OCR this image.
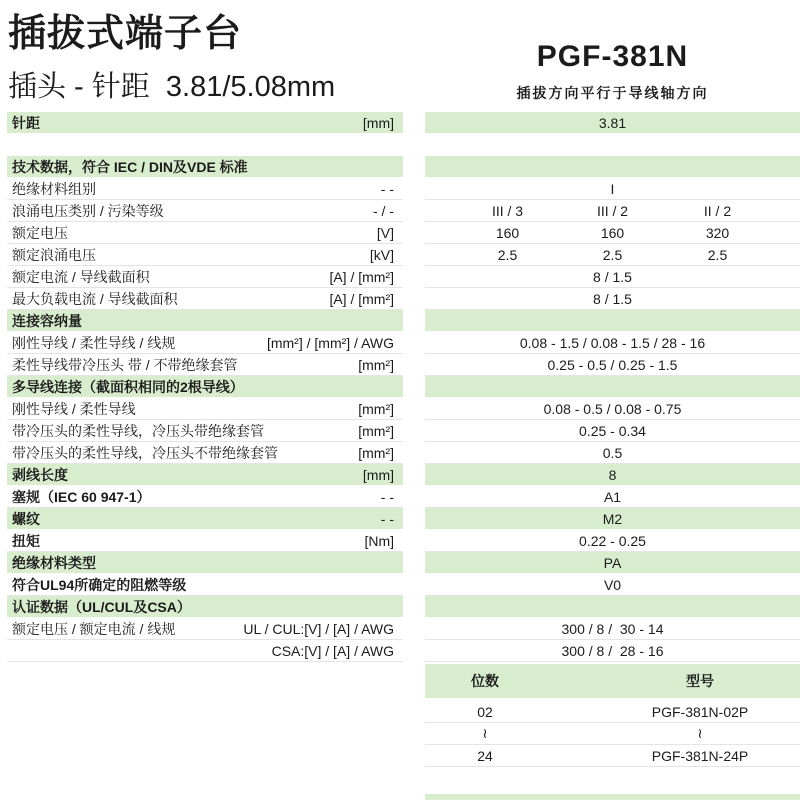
插拔式端子台
插头 - 针距  3.81/5.08mm
PGF-381N
插拔方向平行于导线轴方向
针距	[mm]	3.81
技术数据，符合 IEC / DIN及VDE 标准
绝缘材料组别	- -	I
浪涌电压类别 / 污染等级	- / -	III / 3	III / 2	II / 2
额定电压	[V]	160	160	320
额定浪涌电压	[kV]	2.5	2.5	2.5
额定电流 / 导线截面积	[A] / [mm²]	8 / 1.5
最大负载电流 / 导线截面积	[A] / [mm²]	8 / 1.5
连接容纳量
刚性导线 / 柔性导线 / 线规	[mm²] / [mm²] / AWG	0.08 - 1.5 / 0.08 - 1.5 / 28 - 16
柔性导线带冷压头 带 / 不带绝缘套管	[mm²]	0.25 - 0.5 / 0.25 - 1.5
多导线连接（截面积相同的2根导线）
刚性导线 / 柔性导线	[mm²]	0.08 - 0.5 / 0.08 - 0.75
带冷压头的柔性导线，冷压头带绝缘套管	[mm²]	0.25 - 0.34
带冷压头的柔性导线，冷压头不带绝缘套管	[mm²]	0.5
剥线长度	[mm]	8
塞规（IEC 60 947-1）	- -	A1
螺纹	- -	M2
扭矩	[Nm]	0.22 - 0.25
绝缘材料类型	PA
符合UL94所确定的阻燃等级	V0
认证数据（UL/CUL及CSA）
额定电压 / 额定电流 / 线规	UL / CUL:[V] / [A] / AWG	300 / 8 /  30 - 14
CSA:[V] / [A] / AWG	300 / 8 /  28 - 16
位数	型号
02	PGF-381N-02P
≀	≀
24	PGF-381N-24P
